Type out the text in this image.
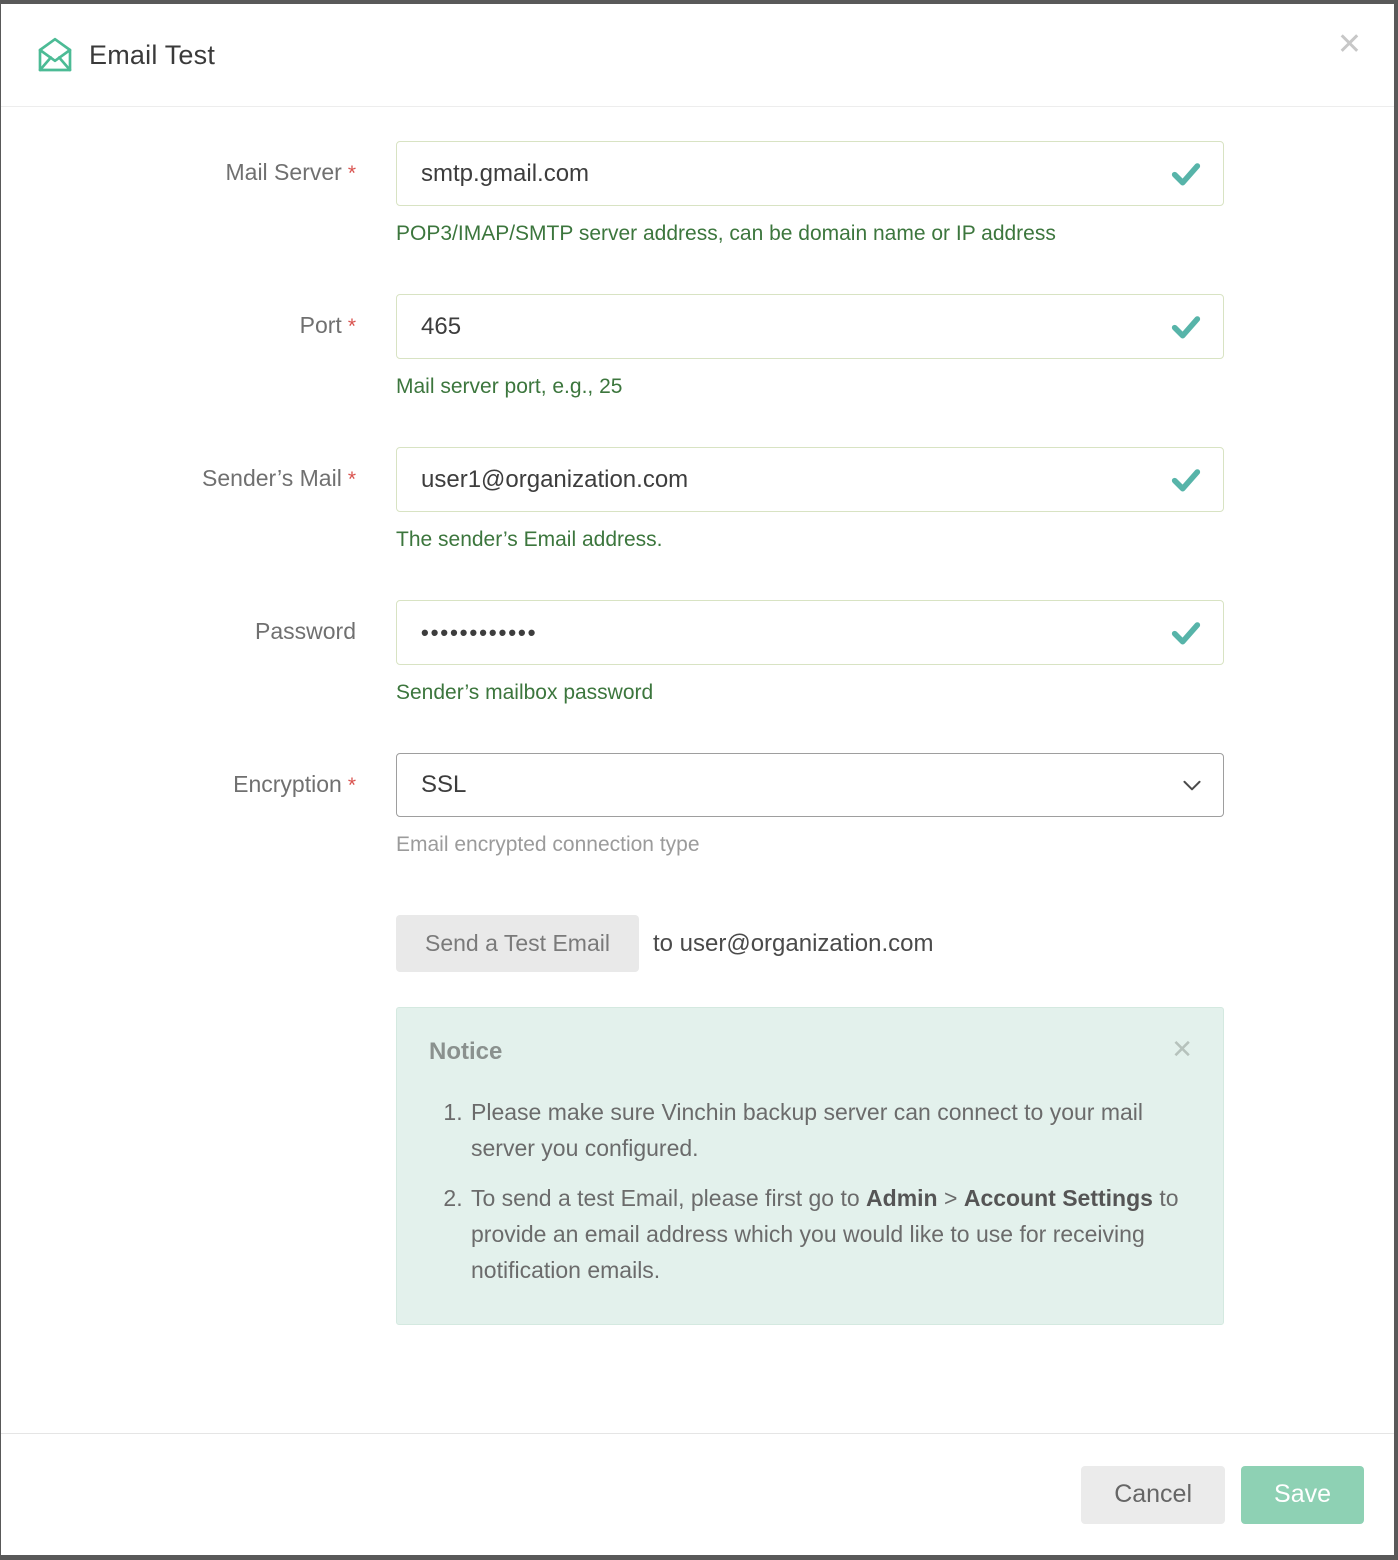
Email Test	✕
Mail Server *
smtp.gmail.com
POP3/IMAP/SMTP server address, can be domain name or IP address
Port *
465
Mail server port, e.g., 25
Sender’s Mail *
user1@organization.com
The sender’s Email address.
Password
••••••••••••
Sender’s mailbox password
Encryption *	SSL
Email encrypted connection type
Send a Test Email	to user@organization.com
Notice	✕
1. Please make sure Vinchin backup server can connect to your mail server you configured.
2. To send a test Email, please first go to Admin > Account Settings to provide an email address which you would like to use for receiving notification emails.
Cancel	Save
